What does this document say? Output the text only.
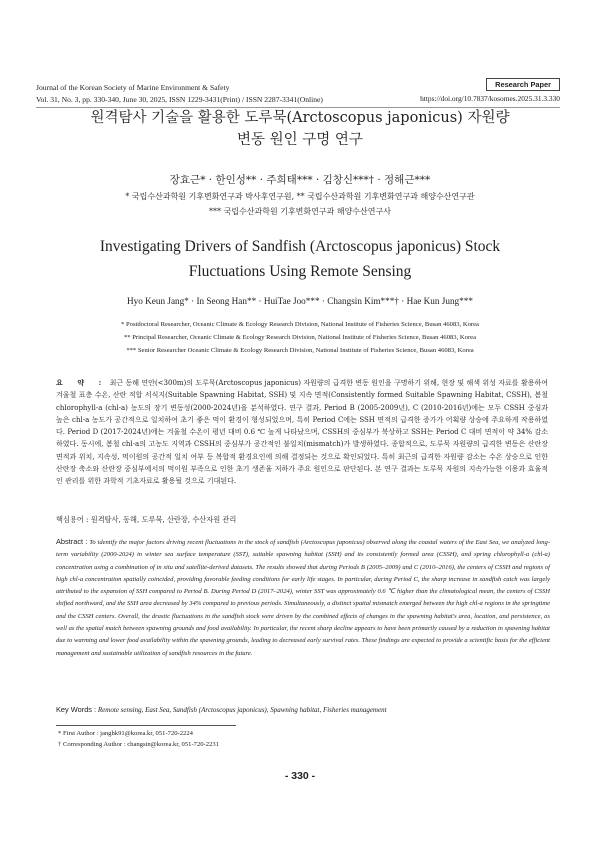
Journal of the Korean Society of Marine Environment & Safety
Vol. 31, No. 3, pp. 330-340, June 30, 2025, ISSN 1229-3431(Print) / ISSN 2287-3341(Online)
Research Paper
https://doi.org/10.7837/kosomes.2025.31.3.330
원격탐사 기술을 활용한 도루묵(Arctoscopus japonicus) 자원량
변동 원인 구명 연구
장효근* · 한인성** · 주희태*** · 김창신***† · 정해근***
* 국립수산과학원 기후변화연구과 박사후연구원, ** 국립수산과학원 기후변화연구과 해양수산연구관
*** 국립수산과학원 기후변화연구과 해양수산연구사
Investigating Drivers of Sandfish (Arctoscopus japonicus) Stock
Fluctuations Using Remote Sensing
Hyo Keun Jang* · In Seong Han** · HuiTae Joo*** · Changsin Kim***† · Hae Kun Jung***
* Postdoctoral Researcher, Oceanic Climate & Ecology Research Division, National Institute of Fisheries Science, Busan 46083, Korea
** Principal Researcher, Oceanic Climate & Ecology Research Division, National Institute of Fisheries Science, Busan 46083, Korea
*** Senior Researcher Oceanic Climate & Ecology Research Division, National Institute of Fisheries Science, Busan 46083, Korea
요 약 : 최근 동해 연안(<300m)의 도루묵(Arctoscopus japonicus) 자원량의 급격한 변동 원인을 구명하기 위해, 현장 및 해색 위성 자료를 활용하여 겨울철 표층 수온, 산란 적합 서식지(Suitable Spawning Habitat, SSH) 및 지속 면적(Consistently formed Suitable Spawning Habitat, CSSH), 봄철 chlorophyll-a (chl-a) 농도의 장기 변동성(2000-2024년)을 분석하였다. 연구 결과, Period B (2005-2009년), C (2010-2016년)에는 모두 CSSH 중심과 높은 chl-a 농도가 공간적으로 일치하여 초기 좋은 먹이 환경이 형성되었으며, 특히 Period C에는 SSH 면적의 급격한 증가가 어획량 상승에 주요하게 작용하였다. Period D (2017-2024년)에는 겨울철 수온이 평년 대비 0.6 ℃ 높게 나타났으며, CSSH의 중심부가 북상하고 SSH는 Period C 대비 면적이 약 34% 감소하였다. 동시에, 봄철 chl-a의 고농도 지역과 CSSH의 중심부가 공간적인 불일치(mismatch)가 발생하였다. 종합적으로, 도루묵 자원량의 급격한 변동은 산란장 면적과 위치, 지속성, 먹이원의 공간적 일치 여부 등 복합적 환경요인에 의해 결정되는 것으로 확인되었다. 특히 최근의 급격한 자원량 감소는 수온 상승으로 인한 산란장 축소와 산란장 중심부에서의 먹이원 부족으로 인한 초기 생존율 저하가 주요 원인으로 판단된다. 본 연구 결과는 도루묵 자원의 지속가능한 이용과 효율적인 관리를 위한 과학적 기초자료로 활용될 것으로 기대된다.
핵심용어 : 원격탐사, 동해, 도루묵, 산란장, 수산자원 관리
Abstract : To identify the major factors driving recent fluctuations in the stock of sandfish (Arctoscopus japonicus) observed along the coastal waters of the East Sea, we analyzed long-term variability (2000-2024) in winter sea surface temperature (SST), suitable spawning habitat (SSH) and its consistently formed area (CSSH), and spring chlorophyll-a (chl-a) concentration using a combination of in situ and satellite-derived datasets. The results showed that during Periods B (2005–2009) and C (2010–2016), the centers of CSSH and regions of high chl-a concentration spatially coincided, providing favorable feeding conditions for early life stages. In particular, during Period C, the sharp increase in sandfish catch was largely attributed to the expansion of SSH compared to Period B. During Period D (2017–2024), winter SST was approximately 0.6 ℃ higher than the climatological mean, the centers of CSSH shifted northward, and the SSH area decreased by 34% compared to previous periods. Simultaneously, a distinct spatial mismatch emerged between the high chl-a regions in the springtime and the CSSH centers. Overall, the drastic fluctuations in the sandfish stock were driven by the combined effects of changes in the spawning habitat's area, location, and persistence, as well as the spatial match between spawning grounds and food availability. In particular, the recent sharp decline appears to have been primarily caused by a reduction in spawning habitat due to warming and lower food availability within the spawning grounds, leading to decreased early survival rates. These findings are expected to provide a scientific basis for the efficient management and sustainable utilization of sandfish resources in the future.
Key Words : Remote sensing, East Sea, Sandfish (Arctoscopus japonicus), Spawning habitat, Fisheries management
* First Author : janghk91@korea.kr, 051-720-2224
† Corresponding Author : changsin@korea.kr, 051-720-2231
- 330 -
